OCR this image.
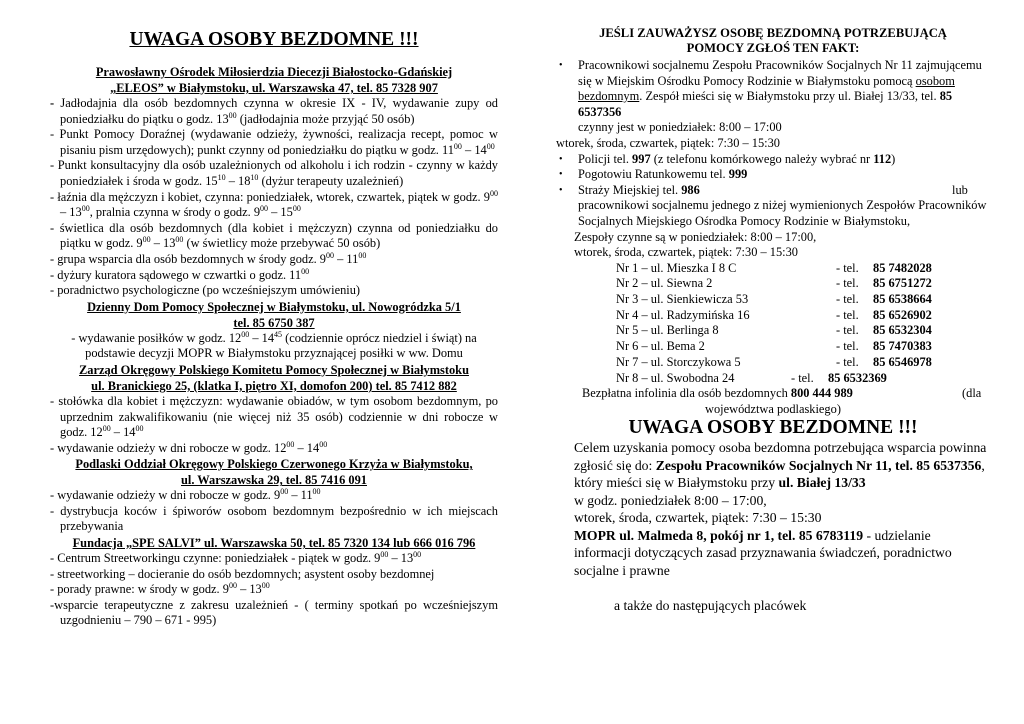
UWAGA OSOBY BEZDOMNE !!!

Prawosławny Ośrodek Miłosierdzia Diecezji Białostocko-Gdańskiej

„ELEOS” w Białymstoku, ul. Warszawska 47, tel. 85 7328 907

- Jadłodajnia dla osób bezdomnych czynna w okresie IX - IV, wydawanie zupy od poniedziałku do piątku o godz. $13^{00}$ (jadłodajnia może przyjąć 50 osób)

- Punkt Pomocy Doraźnej (wydawanie odzieży, żywności, realizacja recept, pomoc w pisaniu pism urzędowych); punkt czynny od poniedziałku do piątku w godz. $11^{00} - 14^{00}$

- Punkt konsultacyjny dla osób uzależnionych od alkoholu i ich rodzin - czynny w każdy poniedziałek i środa w godz. $15^{10} - 18^{10}$ (dyżur terapeuty uzależnień)

- łaźnia dla mężczyzn i kobiet, czynna: poniedziałek, wtorek, czwartek, piątek w godz. $9^{00} - 13^{00}$, pralnia czynna w środy o godz. $9^{00} - 15^{00}$

- świetlica dla osób bezdomnych (dla kobiet i mężczyzn) czynna od poniedziałku do piątku w godz. $9^{00} - 13^{00}$ (w świetlicy może przebywać 50 osób)

- grupa wsparcia dla osób bezdomnych w środy godz. $9^{00} - 11^{00}$

- dyżury kuratora sądowego w czwartki o godz. $11^{00}$

- poradnictwo psychologiczne (po wcześniejszym umówieniu)

Dzienny Dom Pomocy Społecznej w Białymstoku, ul. Nowogródzka 5/1

tel. 85 6750 387

- wydawanie posiłków w godz. $12^{00} - 14^{45}$ (codziennie oprócz niedziel i świąt) na podstawie decyzji MOPR w Białymstoku przyznającej posiłki w ww. Domu

Zarząd Okręgowy Polskiego Komitetu Pomocy Społecznej w Białymstoku

ul. Branickiego 25, (klatka I, piętro XI, domofon 200) tel. 85 7412 882

- stołówka dla kobiet i mężczyzn: wydawanie obiadów, w tym osobom bezdomnym, po uprzednim zakwalifikowaniu (nie więcej niż 35 osób) codziennie w dni robocze w godz. $12^{00} - 14^{00}$

- wydawanie odzieży w dni robocze w godz. $12^{00} - 14^{00}$

Podlaski Oddział Okręgowy Polskiego Czerwonego Krzyża w Białymstoku,

ul. Warszawska 29, tel. 85 7416 091

- wydawanie odzieży w dni robocze w godz. $9^{00} - 11^{00}$

- dystrybucja koców i śpiworów osobom bezdomnym bezpośrednio w ich miejscach przebywania

Fundacja „SPE SALVI” ul. Warszawska 50, tel. 85 7320 134 lub 666 016 796

- Centrum Streetworkingu czynne: poniedziałek - piątek w godz. $9^{00} - 13^{00}$

- streetworking – docieranie do osób bezdomnych; asystent osoby bezdomnej

- porady prawne: w środy w godz. $9^{00} - 13^{00}$

-wsparcie terapeutyczne z zakresu uzależnień - ( terminy spotkań po wcześniejszym uzgodnieniu – 790 – 671 - 995)

JEŚLI ZAUWAŻYSZ OSOBĘ BEZDOMNĄ POTRZEBUJĄCĄ

POMOCY ZGŁOŚ TEN FAKT:

• Pracownikowi socjalnemu Zespołu Pracowników Socjalnych Nr 11 zajmującemu się w Miejskim Ośrodku Pomocy Rodzinie w Białymstoku pomocą osobom bezdomnym. Zespół mieści się w Białymstoku przy ul. Białej 13/33, tel. 85 6537356
czynny jest w poniedziałek: 8:00 – 17:00
wtorek, środa, czwartek, piątek: 7:30 – 15:30
• Policji tel. 997 (z telefonu komórkowego należy wybrać nr 112)
• Pogotowiu Ratunkowemu tel. 999
• Straży Miejskiej tel. 986	lub

pracownikowi socjalnemu jednego z niżej wymienionych Zespołów Pracowników Socjalnych Miejskiego Ośrodka Pomocy Rodzinie w Białymstoku,

Zespoły czynne są w poniedziałek: 8:00 – 17:00,

wtorek, środa, czwartek, piątek: 7:30 – 15:30

Nr 1 – ul. Mieszka I 8 C	- tel. 85 7482028
Nr 2 – ul. Siewna 2	- tel. 85 6751272
Nr 3 – ul. Sienkiewicza 53	- tel. 85 6538664
Nr 4 – ul. Radzymińska 16	- tel. 85 6526902
Nr 5 – ul. Berlinga 8	- tel. 85 6532304
Nr 6 – ul. Bema 2	- tel. 85 7470383
Nr 7 – ul. Storczykowa 5	- tel. 85 6546978
Nr 8 – ul. Swobodna 24	- tel. 85 6532369

Bezpłatna infolinia dla osób bezdomnych 800 444 989	(dla

województwa podlaskiego)

UWAGA OSOBY BEZDOMNE !!!

Celem uzyskania pomocy osoba bezdomna potrzebująca wsparcia powinna zgłosić się do: Zespołu Pracowników Socjalnych Nr 11, tel. 85 6537356, który mieści się w Białymstoku przy ul. Białej 13/33
w godz. poniedziałek 8:00 – 17:00,
wtorek, środa, czwartek, piątek: 7:30 – 15:30
MOPR ul. Malmeda 8, pokój nr 1, tel. 85 6783119 - udzielanie informacji dotyczących zasad przyznawania świadczeń, poradnictwo socjalne i prawne

a także do następujących placówek
